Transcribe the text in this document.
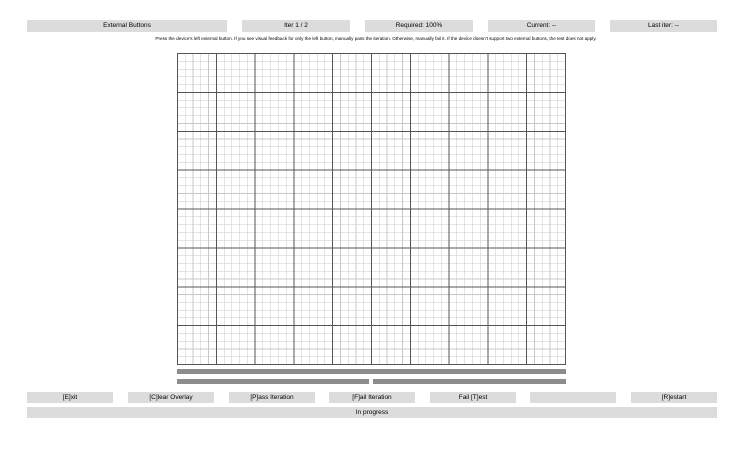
External Buttons	Iter 1 / 2	Required: 100%	Current: --	Last iter: --
Press the device's left external button. If you see visual feedback for only the left button, manually pass the iteration. Otherwise, manually fail it. If the device doesn't support two external buttons, the test does not apply.
[E]xit	[C]lear Overlay	[P]ass Iteration	[F]ail Iteration	Fail [T]est	[R]estart
In progress
